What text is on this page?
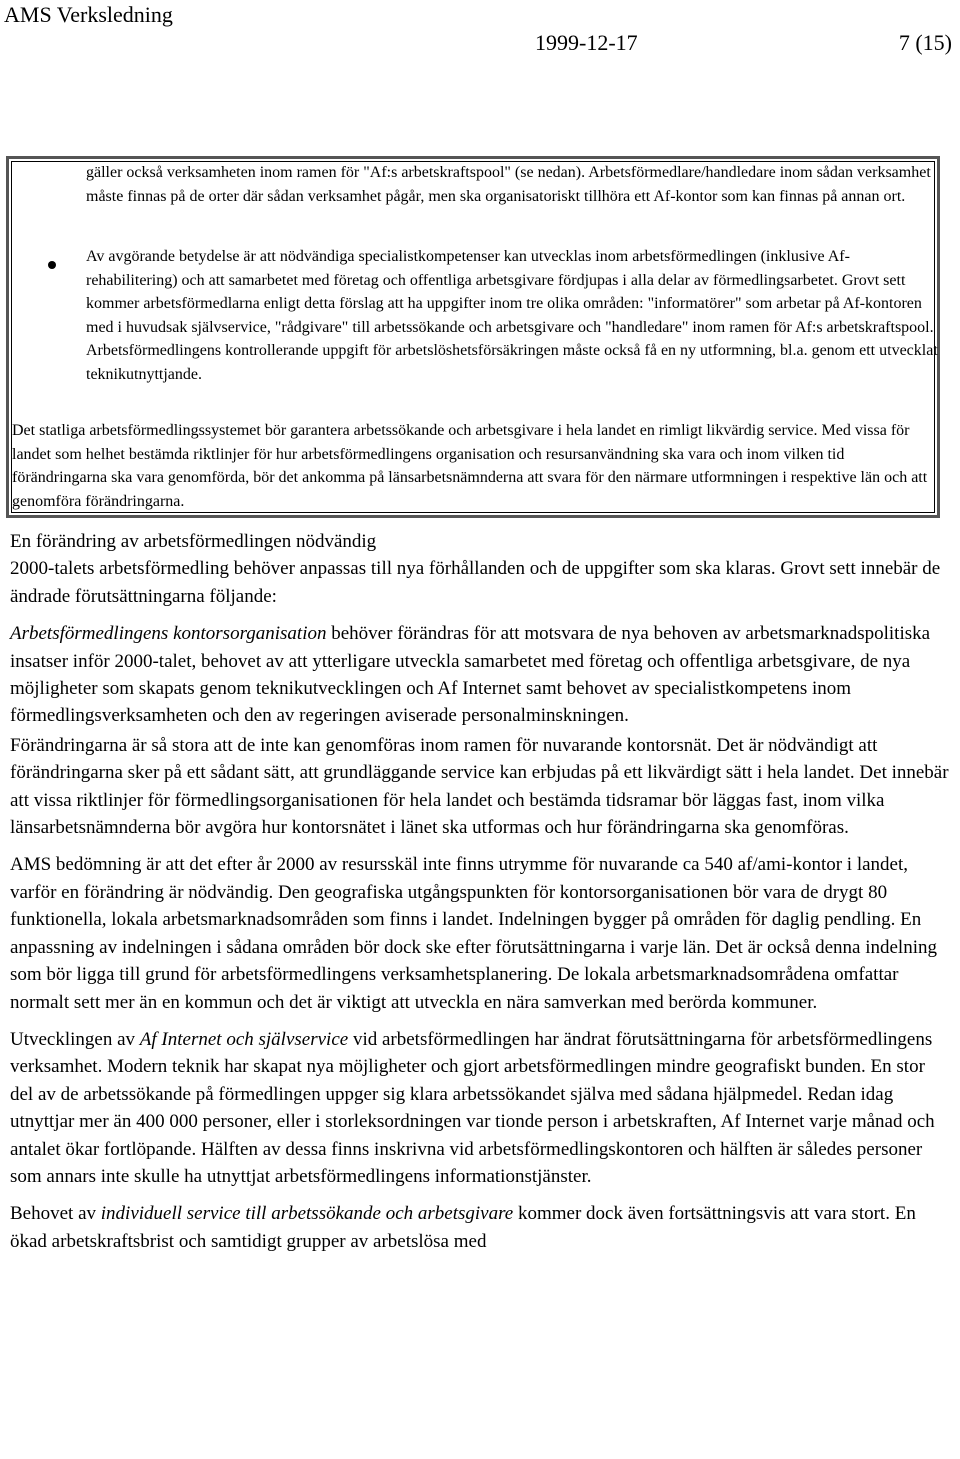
AMS Verksledning
1999-12-17	7 (15)
gäller också verksamheten inom ramen för "Af:s arbetskraftspool" (se nedan). Arbetsförmedlare/handledare inom sådan verksamhet måste finnas på de orter där sådan verksamhet pågår, men ska organisatoriskt tillhöra ett Af-kontor som kan finnas på annan ort.
Av avgörande betydelse är att nödvändiga specialistkompetenser kan utvecklas inom arbetsförmedlingen (inklusive Af-rehabilitering) och att samarbetet med företag och offentliga arbetsgivare fördjupas i alla delar av förmedlingsarbetet. Grovt sett kommer arbetsförmedlarna enligt detta förslag att ha uppgifter inom tre olika områden: "informatörer" som arbetar på Af-kontoren med i huvudsak självservice, "rådgivare" till arbetssökande och arbetsgivare och "handledare" inom ramen för Af:s arbetskraftspool. Arbetsförmedlingens kontrollerande uppgift för arbetslöshetsförsäkringen måste också få en ny utformning, bl.a. genom ett utvecklat teknikutnyttjande.
Det statliga arbetsförmedlingssystemet bör garantera arbetssökande och arbetsgivare i hela landet en rimligt likvärdig service. Med vissa för landet som helhet bestämda riktlinjer för hur arbetsförmedlingens organisation och resursanvändning ska vara och inom vilken tid förändringarna ska vara genomförda, bör det ankomma på länsarbetsnämnderna att svara för den närmare utformningen i respektive län och att genomföra förändringarna.
En förändring av arbetsförmedlingen nödvändig

2000-talets arbetsförmedling behöver anpassas till nya förhållanden och de uppgifter som ska klaras. Grovt sett innebär de ändrade förutsättningarna följande:

Arbetsförmedlingens kontorsorganisation behöver förändras för att motsvara de nya behoven av arbetsmarknadspolitiska insatser inför 2000-talet, behovet av att ytterligare utveckla samarbetet med företag och offentliga arbetsgivare, de nya möjligheter som skapats genom teknikutvecklingen och Af Internet samt behovet av specialistkompetens inom förmedlingsverksamheten och den av regeringen aviserade personalminskningen.

Förändringarna är så stora att de inte kan genomföras inom ramen för nuvarande kontorsnät. Det är nödvändigt att förändringarna sker på ett sådant sätt, att grundläggande service kan erbjudas på ett likvärdigt sätt i hela landet. Det innebär att vissa riktlinjer för förmedlingsorganisationen för hela landet och bestämda tidsramar bör läggas fast, inom vilka länsarbetsnämnderna bör avgöra hur kontorsnätet i länet ska utformas och hur förändringarna ska genomföras.

AMS bedömning är att det efter år 2000 av resursskäl inte finns utrymme för nuvarande ca 540 af/ami-kontor i landet, varför en förändring är nödvändig. Den geografiska utgångspunkten för kontorsorganisationen bör vara de drygt 80 funktionella, lokala arbetsmarknadsområden som finns i landet. Indelningen bygger på områden för daglig pendling. En anpassning av indelningen i sådana områden bör dock ske efter förutsättningarna i varje län. Det är också denna indelning som bör ligga till grund för arbetsförmedlingens verksamhetsplanering. De lokala arbetsmarknadsområdena omfattar normalt sett mer än en kommun och det är viktigt att utveckla en nära samverkan med berörda kommuner.

Utvecklingen av Af Internet och självservice vid arbetsförmedlingen har ändrat förutsättningarna för arbetsförmedlingens verksamhet. Modern teknik har skapat nya möjligheter och gjort arbetsförmedlingen mindre geografiskt bunden. En stor del av de arbetssökande på förmedlingen uppger sig klara arbetssökandet själva med sådana hjälpmedel. Redan idag utnyttjar mer än 400 000 personer, eller i storleksordningen var tionde person i arbetskraften, Af Internet varje månad och antalet ökar fortlöpande. Hälften av dessa finns inskrivna vid arbetsförmedlingskontoren och hälften är således personer som annars inte skulle ha utnyttjat arbetsförmedlingens informationstjänster.

Behovet av individuell service till arbetssökande och arbetsgivare kommer dock även fortsättningsvis att vara stort. En ökad arbetskraftsbrist och samtidigt grupper av arbetslösa med
